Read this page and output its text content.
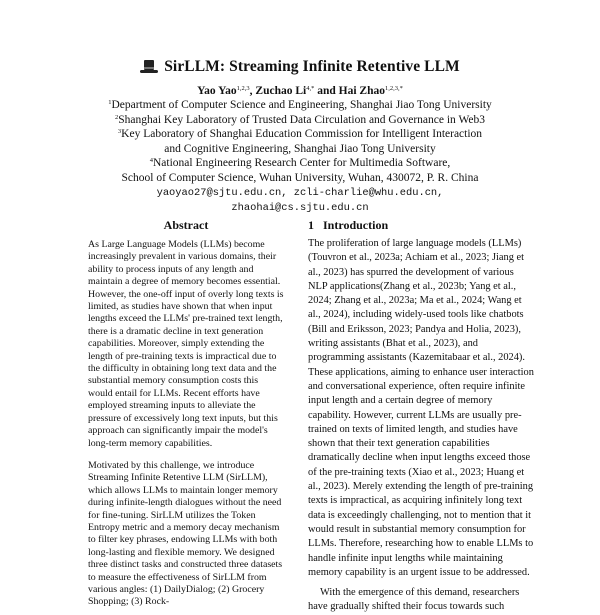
SirLLM: Streaming Infinite Retentive LLM
Yao Yao$^{1,2,3}$, Zuchao $Li^{4,*}$ and Hai Zhao$^{1,2,3,*}$
$^1$Department of Computer Science and Engineering, Shanghai Jiao Tong University
$^2$Shanghai Key Laboratory of Trusted Data Circulation and Governance in Web3
$^3$Key Laboratory of Shanghai Education Commission for Intelligent Interaction
and Cognitive Engineering, Shanghai Jiao Tong University
$^4$National Engineering Research Center for Multimedia Software,
School of Computer Science, Wuhan University, Wuhan, 430072, P. R. China
yaoyao27@sjtu.edu.cn, zcli-charlie@whu.edu.cn,
zhaohai@cs.sjtu.edu.cn
Abstract

As Large Language Models (LLMs) become increasingly prevalent in various domains, their ability to process inputs of any length and maintain a degree of memory becomes essential. However, the one-off input of overly long texts is limited, as studies have shown that when input lengths exceed the LLMs' pre-trained text length, there is a dramatic decline in text generation capabilities. Moreover, simply extending the length of pre-training texts is impractical due to the difficulty in obtaining long text data and the substantial memory consumption costs this would entail for LLMs. Recent efforts have employed streaming inputs to alleviate the pressure of excessively long text inputs, but this approach can significantly impair the model's long-term memory capabilities.

Motivated by this challenge, we introduce Streaming Infinite Retentive LLM (SirLLM), which allows LLMs to maintain longer memory during infinite-length dialogues without the need for fine-tuning. SirLLM utilizes the Token Entropy metric and a memory decay mechanism to filter key phrases, endowing LLMs with both long-lasting and flexible memory. We designed three distinct tasks and constructed three datasets to measure the effectiveness of SirLLM from various angles: (1) DailyDialog; (2) Grocery Shopping; (3) Rock-

1 Introduction

The proliferation of large language models (LLMs) (Touvron et al., 2023a; Achiam et al., 2023; Jiang et al., 2023) has spurred the development of various NLP applications(Zhang et al., 2023b; Yang et al., 2024; Zhang et al., 2023a; Ma et al., 2024; Wang et al., 2024), including widely-used tools like chatbots (Bill and Eriksson, 2023; Pandya and Holia, 2023), writing assistants (Bhat et al., 2023), and programming assistants (Kazemitabaar et al., 2024). These applications, aiming to enhance user interaction and conversational experience, often require infinite input length and a certain degree of memory capability. However, current LLMs are usually pre-trained on texts of limited length, and studies have shown that their text generation capabilities dramatically decline when input lengths exceed those of the pre-training texts (Xiao et al., 2023; Huang et al., 2023). Merely extending the length of pre-training texts is impractical, as acquiring infinitely long text data is exceedingly challenging, not to mention that it would result in substantial memory consumption for LLMs. Therefore, researching how to enable LLMs to handle infinite input lengths while maintaining memory capability is an urgent issue to be addressed.

With the emergence of this demand, researchers have gradually shifted their focus towards such
